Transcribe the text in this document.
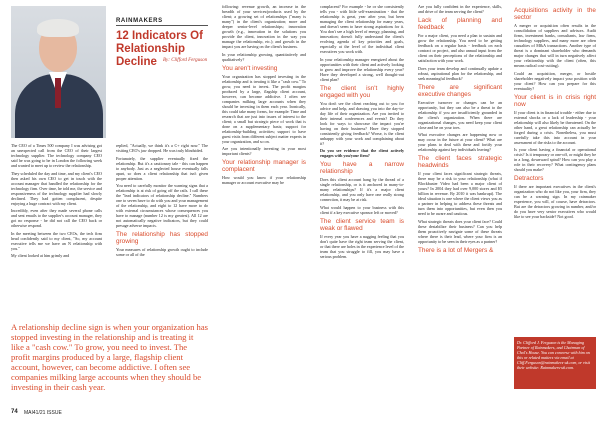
RAINMAKERS
12 Indicators Of Relationship Decline	By: Clifford Ferguson

The CEO of a Times 500 company I was advising got an unexpected call from the CEO of their largest technology supplier. The technology company CEO said he was going to be in London the following week and wanted to meet up to review the relationship.

They scheduled the day and time, and my client's CEO then asked his own CEO to get in touch with the account manager that handled the relationship for the technology firm. Over time, he told me, the service and responsiveness of the technology supplier had slowly declined. They had gotten complacent, despite enjoying a huge contract with my client.

Incredibly, even after they made several phone calls and sent emails to the supplier's account manager, they got no response - he did not call the CEO back or otherwise respond.

In the meeting between the two CEOs, the tech firm head confidently said to my client, "So, my account executive tells me we have an N relationship with you."

My client looked at him grimly and

replied, "Actually, we think it's a C+ right now." The visiting CEO's jaw dropped. He was truly blindsided.

Fortunately, the supplier eventually fixed the relationship. But it's a cautionary tale - this can happen to anybody. Just as a neglected house eventually falls apart, so does a client relationship that isn't given proper attention.

You need to carefully monitor the warning signs that a relationship is at risk of going off the rails. I call these the "lead indicators of relationship decline." Numbers one to seven have to do with you and your management of the relationship, and eight to 12 have more to do with external circumstances whose consequences you have to manage (number 12 is my greatest). All 12 are not automatically negative indicators, but they could presage adverse impacts.

The relationship has stopped growing

Your measures of relationship growth ought to include some or all of the

A relationship decline sign is when your organization has stopped investing in the relationship and is treating it like a "cash cow." To grow, you need to invest. The profit margins produced by a large, flagship client account, however, can become addictive. I often see companies milking large accounts when they should be investing in their cash year.

following: revenue growth, an increase in the breadth of your services/products used by the client; a growing set of relationships ("many is many") in the client's organization; more and deeper senior-level relationships; innovation growth (e.g., innovation in the solutions you provide the client, innovation in the way you manage the relationship, etc.); and growth in the impact you are having on the client's business.

In your relationship growing, quantitatively and qualitatively?

You aren't investing

Your organization has stopped investing in the relationship and is treating it like a "cash cow." To grow, you need to invest. The profit margins produced by a large, flagship client account, however, can become addictive. I often see companies milking large accounts when they should be investing in them each year. Ironically, this could take many forms, for example: Time and research that are just into issues of interest to the client; a small but strategic piece of work that is done on a supplementary basis; support for relationship-building activities; support to have guest visits from different subject matter experts in your organization, and so on.

Are you intentionally investing in your most important clients?

Your relationship manager is complacent

How would you know if your relationship manager or account executive may be

complacent? For example - he or she consistently tells you - with little self-examination - that the relationship is great, year after year, but been managing the client relationship for many years, and doesn't seem to have strong aspirations for it. You don't see a high level of energy, planning, and innovation; doesn't fully understand the client's evolving agenda of key priorities and goals, especially at the level of the individual client executives you work with.

In your relationship manager energized about the opportunities with their client and actively looking to grow and improve the relationship every year? Have they developed a strong, well thought-out client plan?

The client isn't highly engaged with you

You don't see the client reaching out to you for advice and help, and drawing you into the day-to-day life of their organization. Are you invited to their internal conferences and events? Do they look for ways to showcase the impact you're having on their business? Have they stopped consistently giving feedback? Worse, is the client unhappy with your work and complaining about it?

Do you see evidence that the client actively engages with you/your firm?

You have a narrow relationship

Does this client account hang by the thread of a single relationship, or is it anchored in many-to-many relationships? If it's a major client relationship, and you only have one really strong connection, it may be at risk.

What would happen to your business with this client if a key executive sponsor left or moved?

The client service team is weak or flawed

If every year you have a nagging feeling that you don't quite have the right team serving the client, or that there are holes in the experience level of the team that you struggle to fill, you may have a serious problem.

Are you fully confident in the experience, skills, and drive of the team serving the client?

Lack of planning and feedback

For a major client, you need a plan to sustain and grow the relationship. You need to be getting feedback on a regular basis - feedback on each contract or project, and also annual input from the client on their perceptions of the relationship and satisfaction with your work.

Does your team develop and continually update a robust, aspirational plan for the relationship, and seek meaningful feedback?

There are significant executive changes

Executive turnover or changes can be an opportunity, but they can also be a threat to the relationship if you are insufficiently grounded in the client's organization. When there are organizational changes, you need keep your client close and be on your toes.

What executive changes are happening now or may occur in the future at your client? What are your plans to deal with these and fortify your relationship against key individuals leaving?

The client faces strategic headwinds

If your client faces significant strategic threats, there may be a risk to your relationship (what if Blockbuster Video had been a major client of yours? In 2004 they had over 9,000 stores and $5 billion in revenue. By 2010 it was bankrupt). The ideal situation is one where the client views you as a partner in helping to address these threats and turn them into opportunities, but even then you need to be aware and cautious.

What strategic threats does your client face? Could these destabilize their business? Can you help them proactively navigate some of these threats where there is their lead, where your firm is an opportunity to be seen in their eyes as a partner?

There is a lot of Mergers &
Acquisitions activity in the sector

A merger or acquisition often results in the consolidation of suppliers and advisors. Audit firms, investment banks, consultants, law firms, technology suppliers, and many more are often casualties of M&A transactions. Another type of threat is a dominant shareholder who demands major changes that will in turn negatively affect your relationship with the client (often, this means radical cost-cutting).

Could an acquisition, merger, or hostile shareholder negatively impact your position with your client? How can you prepare for this eventuality?

Your client is in crisis right now

If your client is in financial trouble - either due to external shocks or a lack of leadership - your relationship will also likely be threatened. On the other hand, a great relationship can actually be forged during a crisis. Nonetheless, you must carefully take this into account in your assessment of the risks to the account.

Is your client having a financial or operational crisis? Is it temporary or one-off, or might they be in a long, downward spiral? How can you play a role in their recovery? What contingency plans should you make?

Detractors

If there are important executives in the client's organization who do not like you, your firm, they can be a warning sign. In my rainmaker experience, you will, of course, have detractors. But are the detractors growing in number, and/or do you have very senior executives who would like to see your backside? Not good.

Dr. Clifford J. Ferguson is the Managing Partner of Rainmakers, and Chairman of Chol's House. You can converse with him on this or related matters via email at Cliff.Ferguson@rainmakers-uk.com, or visit their website: Rainmakers-uk.com.
74 MAI41/21 ISSUE
